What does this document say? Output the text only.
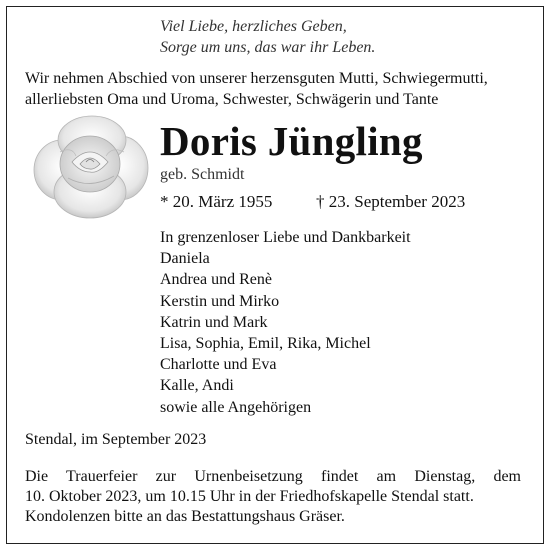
Viel Liebe, herzliches Geben,
Sorge um uns, das war ihr Leben.
Wir nehmen Abschied von unserer herzensguten Mutti, Schwiegermutti,
allerliebsten Oma und Uroma, Schwester, Schwägerin und Tante
Doris Jüngling
geb. Schmidt
* 20. März 1955	† 23. September 2023
In grenzenloser Liebe und Dankbarkeit
Daniela
Andrea und Renè
Kerstin und Mirko
Katrin und Mark
Lisa, Sophia, Emil, Rika, Michel
Charlotte und Eva
Kalle, Andi
sowie alle Angehörigen
Stendal, im September 2023
Die Trauerfeier zur Urnenbeisetzung findet am Dienstag, dem
10. Oktober 2023, um 10.15 Uhr in der Friedhofskapelle Stendal statt.
Kondolenzen bitte an das Bestattungshaus Gräser.
